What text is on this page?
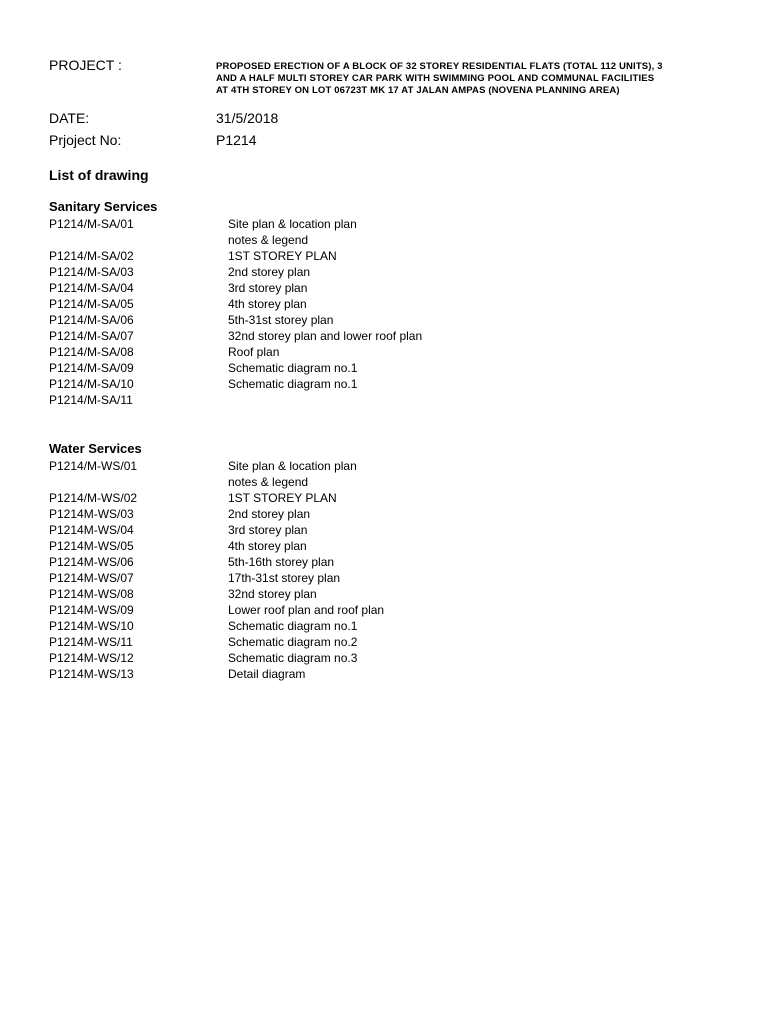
PROJECT :	PROPOSED ERECTION OF A BLOCK OF 32 STOREY RESIDENTIAL FLATS (TOTAL 112 UNITS), 3
AND A HALF MULTI STOREY CAR PARK WITH SWIMMING POOL AND COMMUNAL FACILITIES
AT 4TH STOREY ON LOT 06723T MK 17 AT JALAN AMPAS (NOVENA PLANNING AREA)
DATE:	31/5/2018
Prjoject No:	P1214
List of drawing
Sanitary Services
P1214/M-SA/01	Site plan & location plan
notes & legend
P1214/M-SA/02	1ST STOREY PLAN
P1214/M-SA/03	2nd storey plan
P1214/M-SA/04	3rd storey plan
P1214/M-SA/05	4th storey plan
P1214/M-SA/06	5th-31st storey plan
P1214/M-SA/07	32nd storey plan and lower roof plan
P1214/M-SA/08	Roof plan
P1214/M-SA/09	Schematic diagram no.1
P1214/M-SA/10	Schematic diagram no.1
P1214/M-SA/11
Water Services
P1214/M-WS/01	Site plan & location plan
notes & legend
P1214/M-WS/02	1ST STOREY PLAN
P1214M-WS/03	2nd storey plan
P1214M-WS/04	3rd storey plan
P1214M-WS/05	4th storey plan
P1214M-WS/06	5th-16th storey plan
P1214M-WS/07	17th-31st storey plan
P1214M-WS/08	32nd storey plan
P1214M-WS/09	Lower roof plan and roof plan
P1214M-WS/10	Schematic diagram no.1
P1214M-WS/11	Schematic diagram no.2
P1214M-WS/12	Schematic diagram no.3
P1214M-WS/13	Detail diagram
